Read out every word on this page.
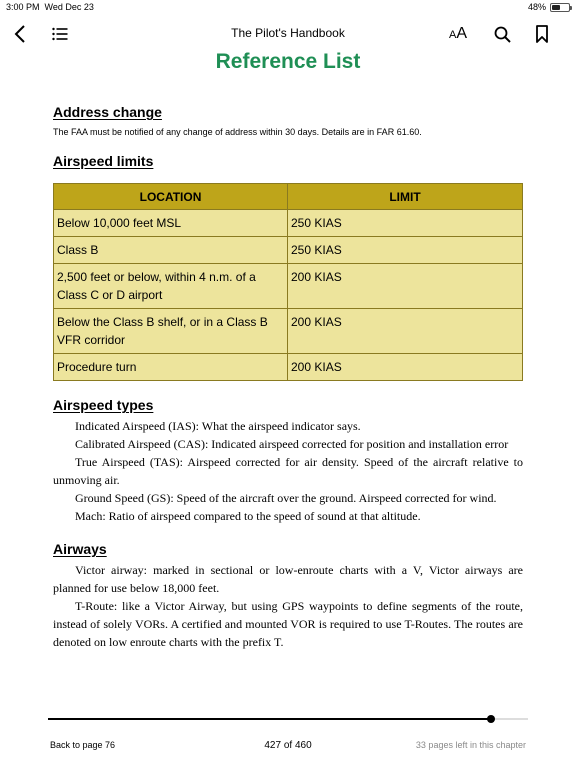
3:00 PM Wed Dec 23	48%
The Pilot's Handbook	AA
Reference List
Address change
The FAA must be notified of any change of address within 30 days. Details are in FAR 61.60.
Airspeed limits
LOCATION	LIMIT
Below 10,000 feet MSL	250 KIAS
Class B	250 KIAS
2,500 feet or below, within 4 n.m. of a Class C or D airport	200 KIAS
Below the Class B shelf, or in a Class B VFR corridor	200 KIAS
Procedure turn	200 KIAS
Airspeed types

Indicated Airspeed (IAS): What the airspeed indicator says.

Calibrated Airspeed (CAS): Indicated airspeed corrected for position and installation error

True Airspeed (TAS): Airspeed corrected for air density. Speed of the aircraft relative to unmoving air.

Ground Speed (GS): Speed of the aircraft over the ground. Airspeed corrected for wind.

Mach: Ratio of airspeed compared to the speed of sound at that altitude.

Airways

Victor airway: marked in sectional or low-enroute charts with a V, Victor airways are planned for use below 18,000 feet.

T-Route: like a Victor Airway, but using GPS waypoints to define segments of the route, instead of solely VORs. A certified and mounted VOR is required to use T-Routes. The routes are denoted on low enroute charts with the prefix T.

Back to page 76	427 of 460	33 pages left in this chapter
